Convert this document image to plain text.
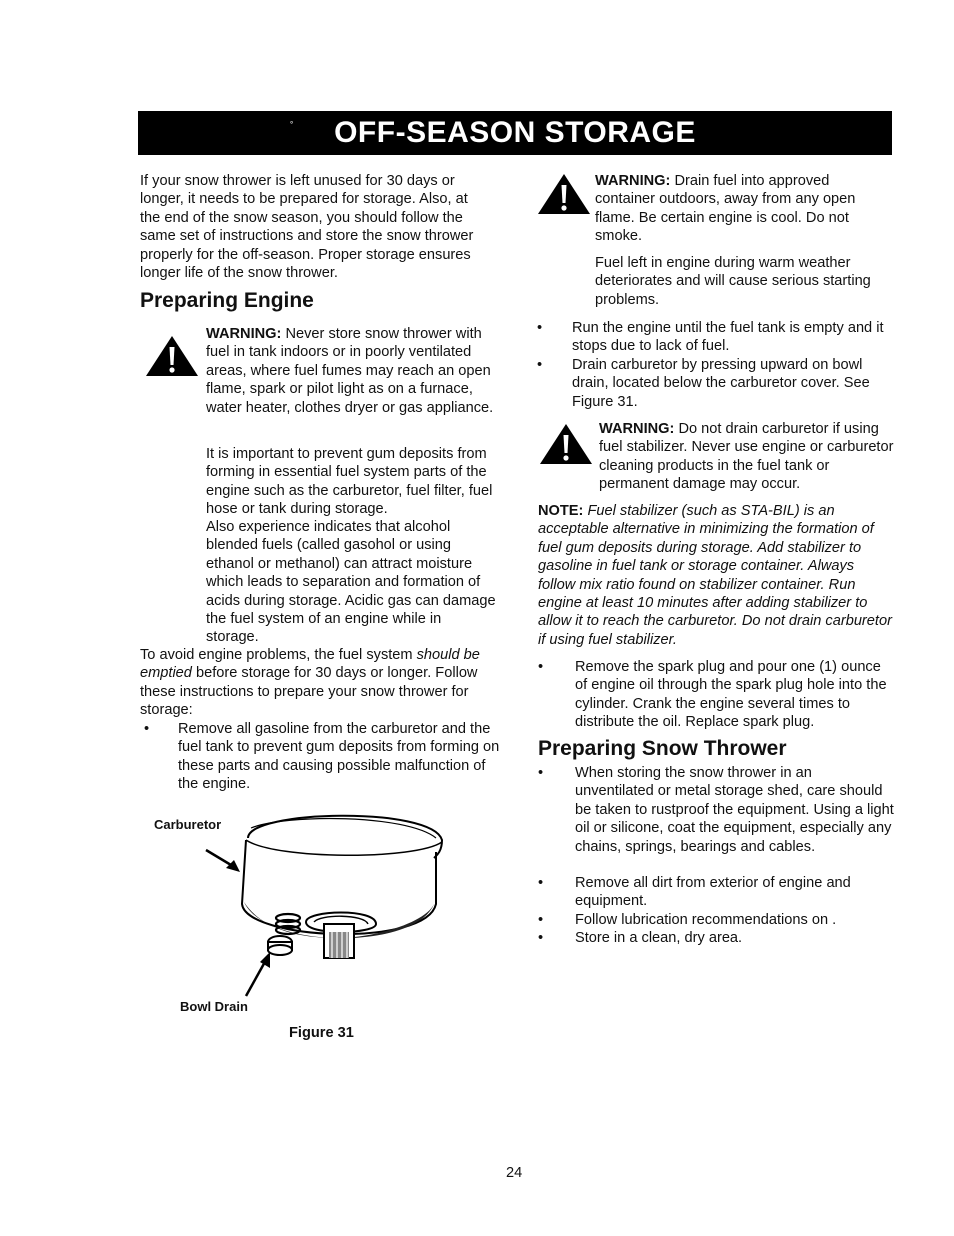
° OFF-SEASON STORAGE

If your snow thrower is left unused for 30 days or longer, it needs to be prepared for storage. Also, at the end of the snow season, you should follow the same set of instructions and store the snow thrower properly for the off-season. Proper storage ensures longer life of the snow thrower.

Preparing Engine

WARNING: Never store snow thrower with fuel in tank indoors or in poorly ventilated areas, where fuel fumes may reach an open flame, spark or pilot light as on a furnace, water heater, clothes dryer or gas appliance.

It is important to prevent gum deposits from forming in essential fuel system parts of the engine such as the carburetor, fuel filter, fuel hose or tank during storage.

Also experience indicates that alcohol blended fuels (called gasohol or using ethanol or methanol) can attract moisture which leads to separation and formation of acids during storage. Acidic gas can damage the fuel system of an engine while in storage.

To avoid engine problems, the fuel system should be emptied before storage for 30 days or longer. Follow these instructions to prepare your snow thrower for storage:

• Remove all gasoline from the carburetor and the fuel tank to prevent gum deposits from forming on these parts and causing possible malfunction of the engine.

Carburetor
Bowl Drain
Figure 31

WARNING: Drain fuel into approved container outdoors, away from any open flame. Be certain engine is cool. Do not smoke.

Fuel left in engine during warm weather deteriorates and will cause serious starting problems.

• Run the engine until the fuel tank is empty and it stops due to lack of fuel.

• Drain carburetor by pressing upward on bowl drain, located below the carburetor cover. See Figure 31.

WARNING: Do not drain carburetor if using fuel stabilizer. Never use engine or carburetor cleaning products in the fuel tank or permanent damage may occur.

NOTE: Fuel stabilizer (such as STA-BIL) is an acceptable alternative in minimizing the formation of fuel gum deposits during storage. Add stabilizer to gasoline in fuel tank or storage container. Always follow mix ratio found on stabilizer container. Run engine at least 10 minutes after adding stabilizer to allow it to reach the carburetor. Do not drain carburetor if using fuel stabilizer.

• Remove the spark plug and pour one (1) ounce of engine oil through the spark plug hole into the cylinder. Crank the engine several times to distribute the oil. Replace spark plug.

Preparing Snow Thrower
• When storing the snow thrower in an unventilated or metal storage shed, care should be taken to rustproof the equipment. Using a light oil or silicone, coat the equipment, especially any chains, springs, bearings and cables.

• Remove all dirt from exterior of engine and equipment.

• Follow lubrication recommendations on .

• Store in a clean, dry area.

24
